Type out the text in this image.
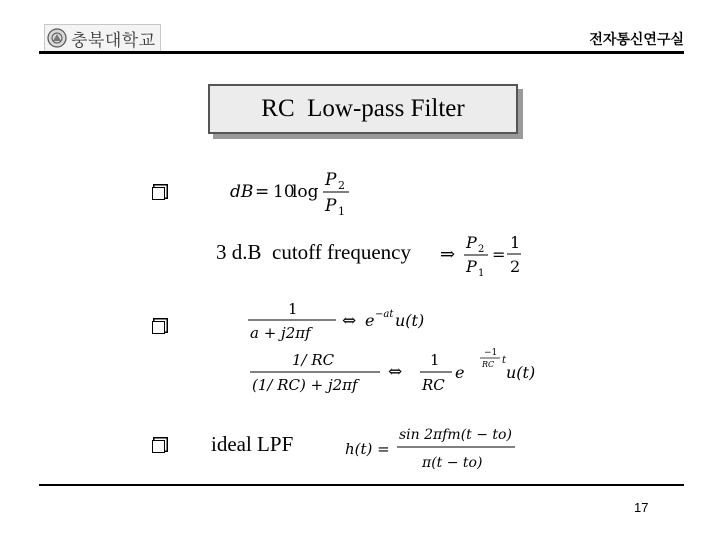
충북대학교	전자통신연구실
RC  Low-pass Filter
dB = 10
log
P 2
P 1
3 d.B  cutoff frequency ⇒
P 2
P 1
=
1
2
1
a + j2πf
⇔ e −at u(t)
1/ RC
(1/ RC) + j2πf
⇔
1
RC
e
−1
RC t
u(t)
ideal LPF	h(t) =
sin 2πfm(t − to)
π(t − to)
17
